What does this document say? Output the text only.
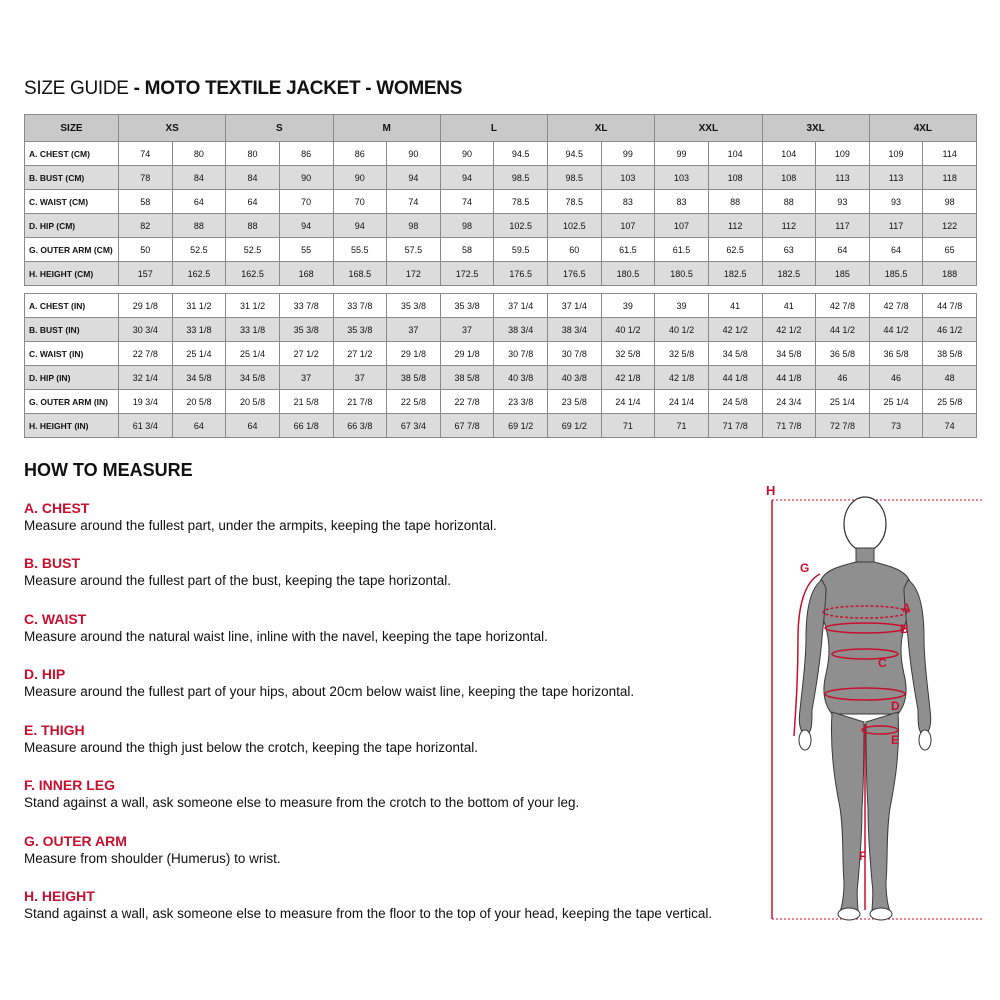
SIZE GUIDE - MOTO TEXTILE JACKET - WOMENS
SIZE	XS		S		M		L		XL		XXL		3XL		4XL	
A. CHEST (CM)	74	80	80	86	86	90	90	94.5	94.5	99	99	104	104	109	109	114
B. BUST (CM)	78	84	84	90	90	94	94	98.5	98.5	103	103	108	108	113	113	118
C. WAIST (CM)	58	64	64	70	70	74	74	78.5	78.5	83	83	88	88	93	93	98
D. HIP (CM)	82	88	88	94	94	98	98	102.5	102.5	107	107	112	112	117	117	122
G. OUTER ARM (CM)	50	52.5	52.5	55	55.5	57.5	58	59.5	60	61.5	61.5	62.5	63	64	64	65
H. HEIGHT (CM)	157	162.5	162.5	168	168.5	172	172.5	176.5	176.5	180.5	180.5	182.5	182.5	185	185.5	188

A. CHEST (IN)	29 1/8	31 1/2	31 1/2	33 7/8	33 7/8	35 3/8	35 3/8	37 1/4	37 1/4	39	39	41	41	42 7/8	42 7/8	44 7/8
B. BUST (IN)	30 3/4	33 1/8	33 1/8	35 3/8	35 3/8	37	37	38 3/4	38 3/4	40 1/2	40 1/2	42 1/2	42 1/2	44 1/2	44 1/2	46 1/2
C. WAIST (IN)	22 7/8	25 1/4	25 1/4	27 1/2	27 1/2	29 1/8	29 1/8	30 7/8	30 7/8	32 5/8	32 5/8	34 5/8	34 5/8	36 5/8	36 5/8	38 5/8
D. HIP (IN)	32 1/4	34 5/8	34 5/8	37	37	38 5/8	38 5/8	40 3/8	40 3/8	42 1/8	42 1/8	44 1/8	44 1/8	46	46	48
G. OUTER ARM (IN)	19 3/4	20 5/8	20 5/8	21 5/8	21 7/8	22 5/8	22 7/8	23 3/8	23 5/8	24 1/4	24 1/4	24 5/8	24 3/4	25 1/4	25 1/4	25 5/8
H. HEIGHT (IN)	61 3/4	64	64	66 1/8	66 3/8	67 3/4	67 7/8	69 1/2	69 1/2	71	71	71 7/8	71 7/8	72 7/8	73	74
HOW TO MEASURE
A. CHEST
Measure around the fullest part, under the armpits, keeping the tape horizontal.
B. BUST
Measure around the fullest part of the bust, keeping the tape horizontal.
C. WAIST
Measure around the natural waist line, inline with the navel, keeping the tape horizontal.
D. HIP
Measure around the fullest part of your hips, about 20cm below waist line, keeping the tape horizontal.
E. THIGH
Measure around the thigh just below the crotch, keeping the tape horizontal.
F. INNER LEG
Stand against a wall, ask someone else to measure from the crotch to the bottom of your leg.
G. OUTER ARM
Measure from shoulder (Humerus) to wrist.
H. HEIGHT
Stand against a wall, ask someone else to measure from the floor to the top of your head, keeping the tape vertical.
H
G
A
B
C
D
E
F
